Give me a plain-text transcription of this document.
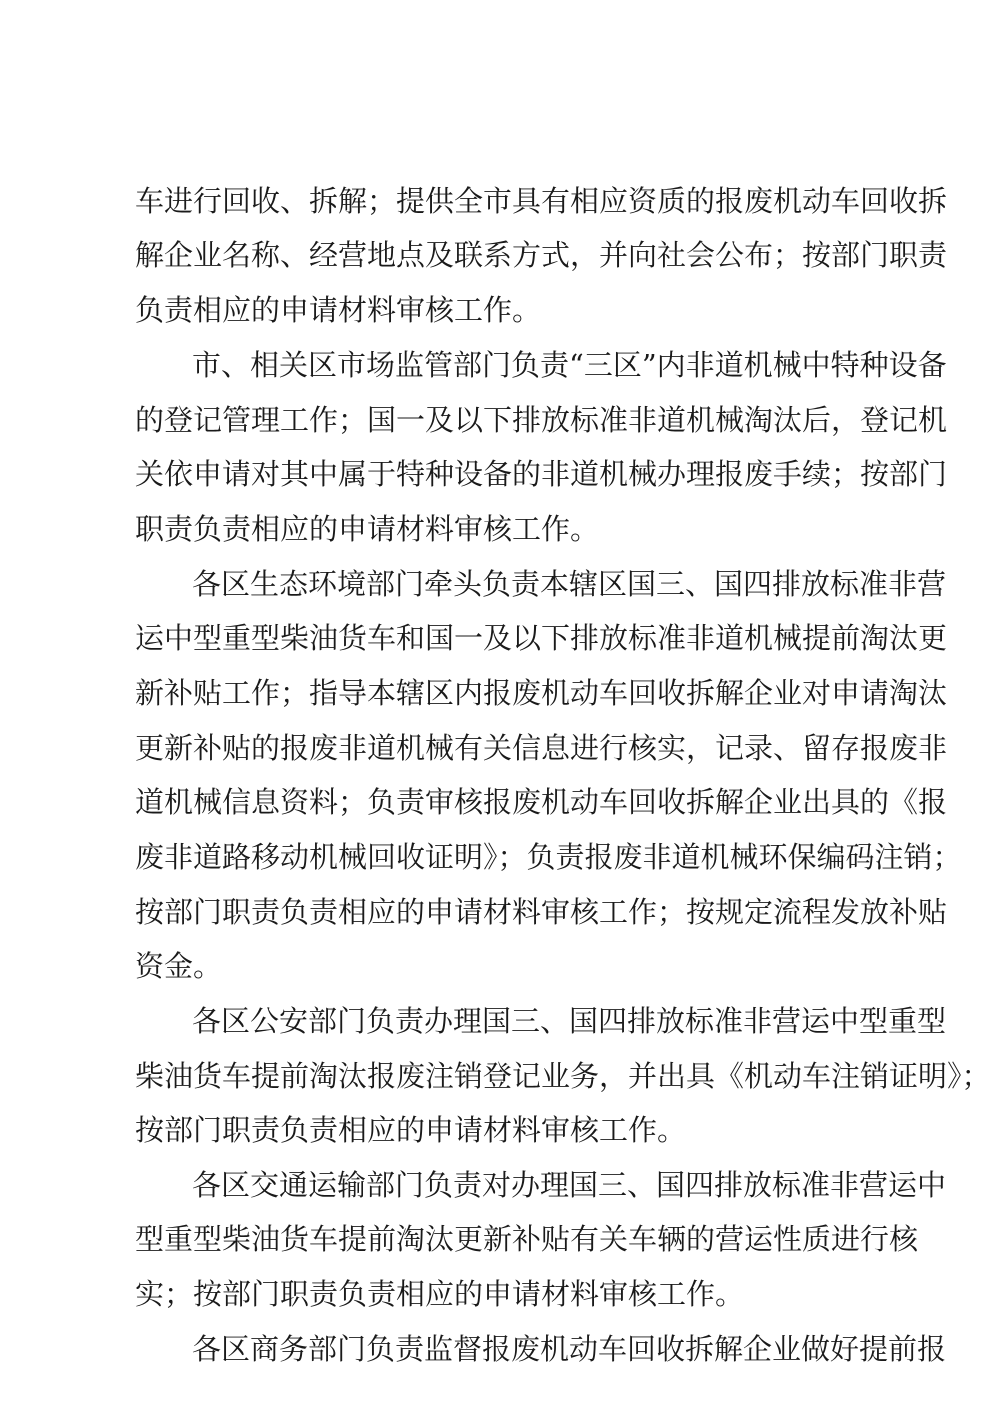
车进行回收、拆解；提供全市具有相应资质的报废机动车回收拆
解企业名称、经营地点及联系方式，并向社会公布；按部门职责
负责相应的申请材料审核工作。
市、相关区市场监管部门负责“三区”内非道机械中特种设备
的登记管理工作；国一及以下排放标准非道机械淘汰后，登记机
关依申请对其中属于特种设备的非道机械办理报废手续；按部门
职责负责相应的申请材料审核工作。
各区生态环境部门牵头负责本辖区国三、国四排放标准非营
运中型重型柴油货车和国一及以下排放标准非道机械提前淘汰更
新补贴工作；指导本辖区内报废机动车回收拆解企业对申请淘汰
更新补贴的报废非道机械有关信息进行核实，记录、留存报废非
道机械信息资料；负责审核报废机动车回收拆解企业出具的《报
废非道路移动机械回收证明》；负责报废非道机械环保编码注销；
按部门职责负责相应的申请材料审核工作；按规定流程发放补贴
资金。
各区公安部门负责办理国三、国四排放标准非营运中型重型
柴油货车提前淘汰报废注销登记业务，并出具《机动车注销证明》；
按部门职责负责相应的申请材料审核工作。
各区交通运输部门负责对办理国三、国四排放标准非营运中
型重型柴油货车提前淘汰更新补贴有关车辆的营运性质进行核
实；按部门职责负责相应的申请材料审核工作。
各区商务部门负责监督报废机动车回收拆解企业做好提前报
